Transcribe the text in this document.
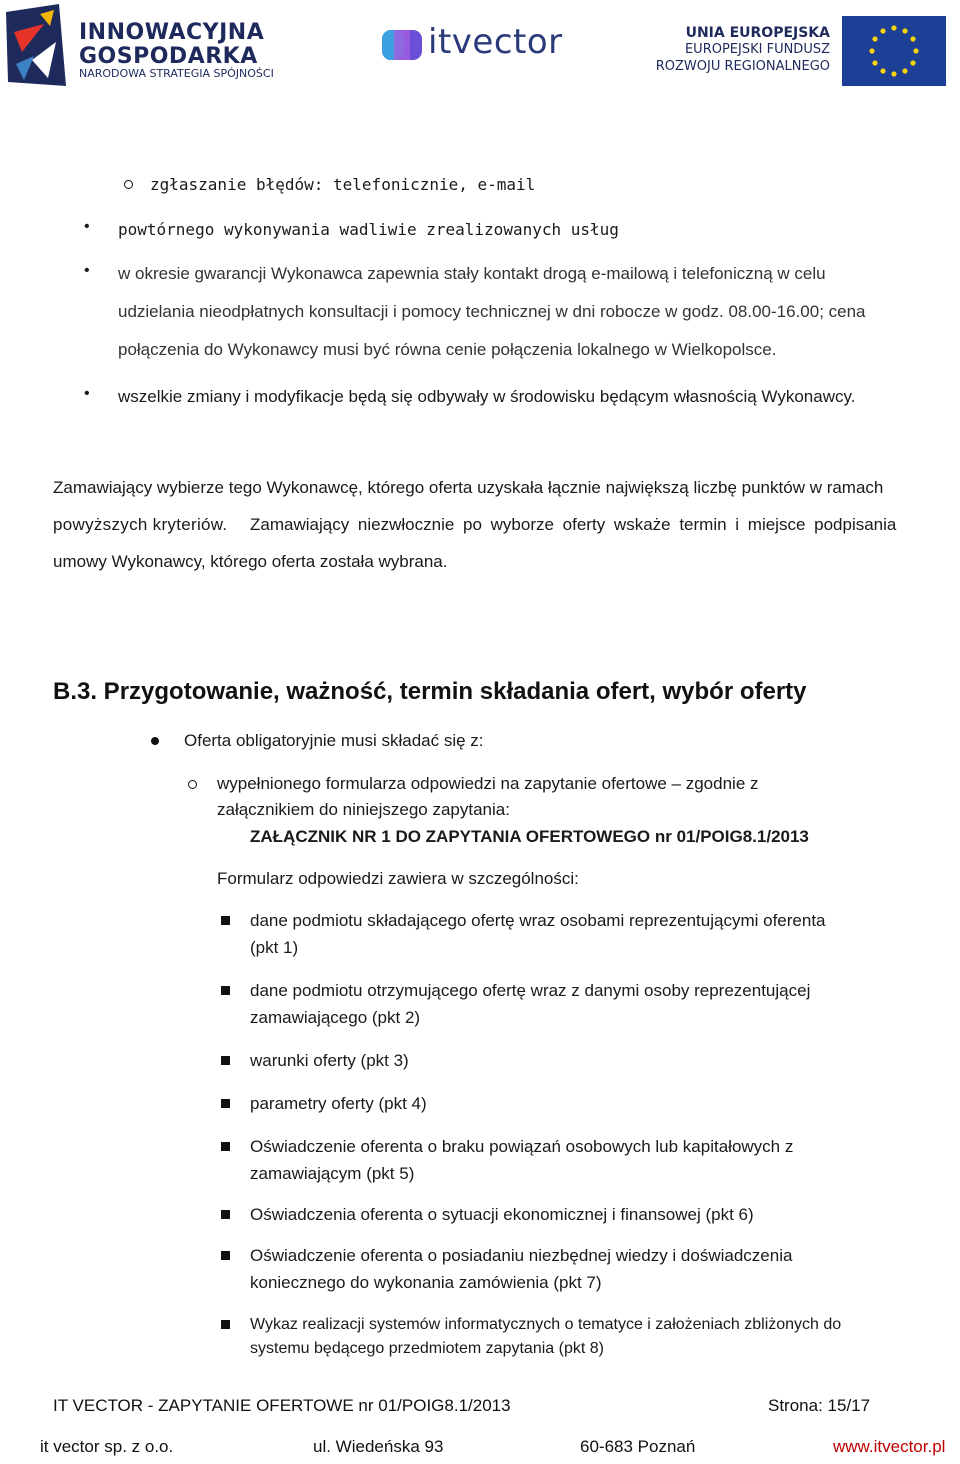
INNOWACYJNA
GOSPODARKA
NARODOWA STRATEGIA SPÓJNOŚCI
itvector	UNIA EUROPEJSKA
EUROPEJSKI FUNDUSZ
ROZWOJU REGIONALNEGO
zgłaszanie błędów: telefonicznie, e-mail
• powtórnego wykonywania wadliwie zrealizowanych usług
• w okresie gwarancji Wykonawca zapewnia stały kontakt drogą e-mailową i telefoniczną w celu
udzielania nieodpłatnych konsultacji i pomocy technicznej w dni robocze w godz. 08.00-16.00; cena
połączenia do Wykonawcy musi być równa cenie połączenia lokalnego w Wielkopolsce.
• wszelkie zmiany i modyfikacje będą się odbywały w środowisku będącym własnością Wykonawcy.
Zamawiający wybierze tego Wykonawcę, którego oferta uzyskała łącznie największą liczbę punktów w ramach
powyższych kryteriów. Zamawiający niezwłocznie po wyborze oferty wskaże termin i miejsce podpisania
umowy Wykonawcy, którego oferta została wybrana.
B.3. Przygotowanie, ważność, termin składania ofert, wybór oferty
Oferta obligatoryjnie musi składać się z:
wypełnionego formularza odpowiedzi na zapytanie ofertowe – zgodnie z
załącznikiem do niniejszego zapytania:
ZAŁĄCZNIK NR 1 DO ZAPYTANIA OFERTOWEGO nr 01/POIG8.1/2013
Formularz odpowiedzi zawiera w szczególności:
dane podmiotu składającego ofertę wraz osobami reprezentującymi oferenta
(pkt 1)
dane podmiotu otrzymującego ofertę wraz z danymi osoby reprezentującej
zamawiającego (pkt 2)
warunki oferty (pkt 3)
parametry oferty (pkt 4)
Oświadczenie oferenta o braku powiązań osobowych lub kapitałowych z
zamawiającym (pkt 5)
Oświadczenia oferenta o sytuacji ekonomicznej i finansowej (pkt 6)
Oświadczenie oferenta o posiadaniu niezbędnej wiedzy i doświadczenia
koniecznego do wykonania zamówienia (pkt 7)
Wykaz realizacji systemów informatycznych o tematyce i założeniach zbliżonych do
systemu będącego przedmiotem zapytania (pkt 8)
IT VECTOR - ZAPYTANIE OFERTOWE nr 01/POIG8.1/2013	Strona: 15/17
it vector sp. z o.o.	ul. Wiedeńska 93	60-683 Poznań	www.itvector.pl
